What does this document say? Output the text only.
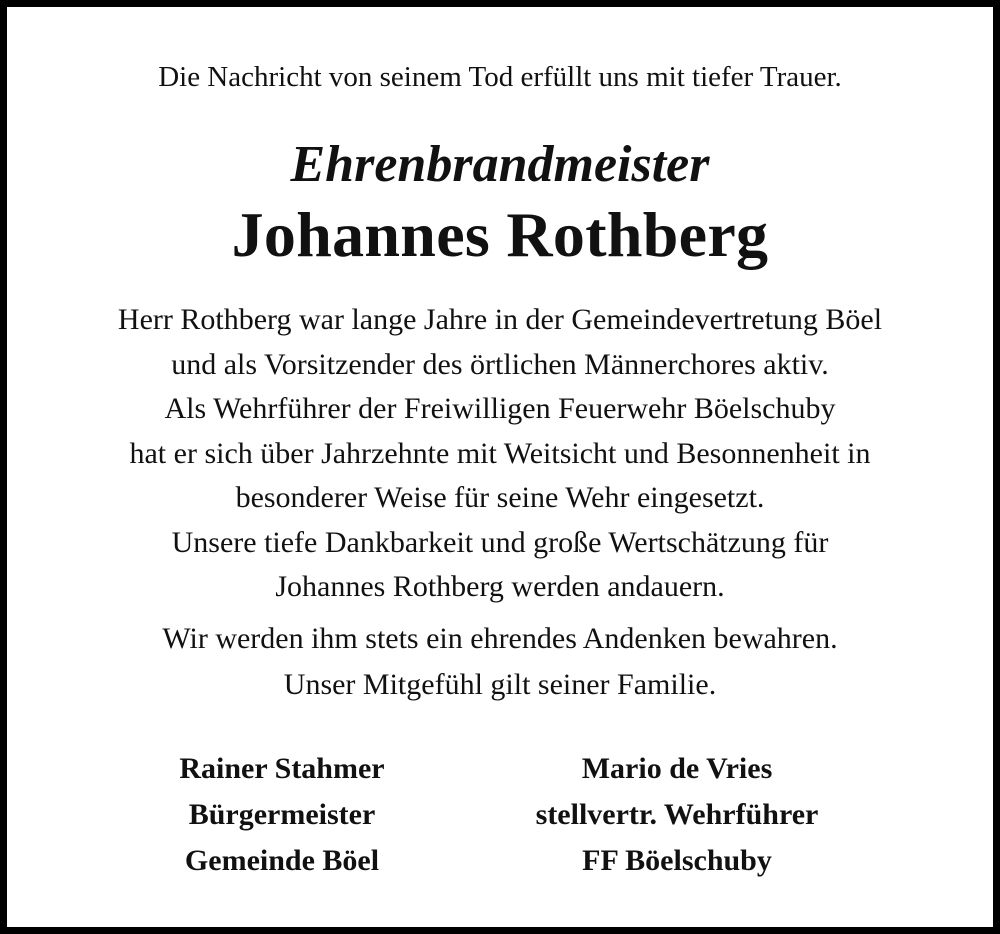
Die Nachricht von seinem Tod erfüllt uns mit tiefer Trauer.
Ehrenbrandmeister
Johannes Rothberg
Herr Rothberg war lange Jahre in der Gemeindevertretung Böel
und als Vorsitzender des örtlichen Männerchores aktiv.
Als Wehrführer der Freiwilligen Feuerwehr Böelschuby
hat er sich über Jahrzehnte mit Weitsicht und Besonnenheit in
besonderer Weise für seine Wehr eingesetzt.
Unsere tiefe Dankbarkeit und große Wertschätzung für
Johannes Rothberg werden andauern.
Wir werden ihm stets ein ehrendes Andenken bewahren.
Unser Mitgefühl gilt seiner Familie.
Rainer Stahmer
Bürgermeister
Gemeinde Böel
Mario de Vries
stellvertr. Wehrführer
FF Böelschuby
